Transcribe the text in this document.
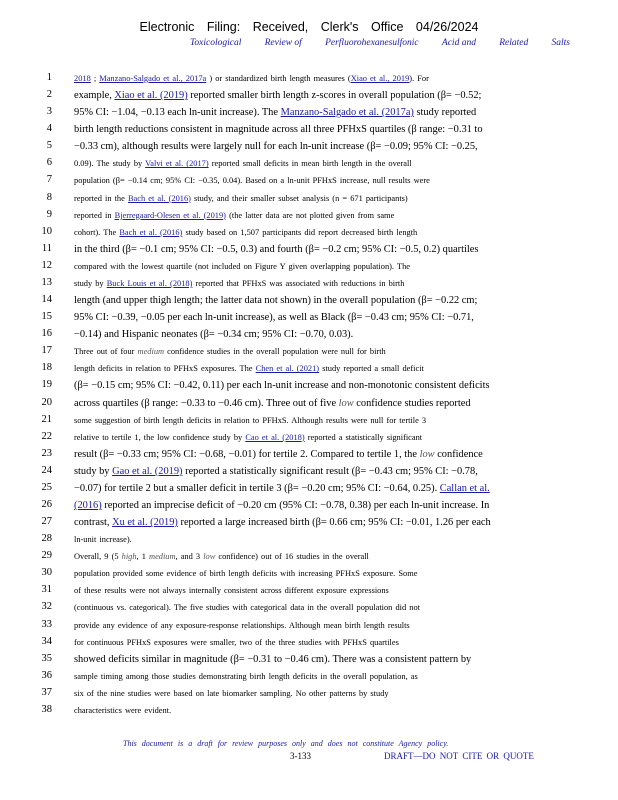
Electronic Filing: Received, Clerk's Office 04/26/2024
Toxicological Review of Perfluorohexanesulfonic Acid and Related Salts
1	2018 ; Manzano-Salgado et al., 2017a ) or standardized birth length measures (Xiao et al., 2019). For
2 example, Xiao et al. (2019) reported smaller birth length z-scores in overall population (β= −0.52;
3 95% CI: −1.04, −0.13 each ln-unit increase). The Manzano-Salgado et al. (2017a) study reported
4 birth length reductions consistent in magnitude across all three PFHxS quartiles (β range: −0.31 to
5 −0.33 cm), although results were largely null for each ln-unit increase (β= −0.09; 95% CI: −0.25,
6	0.09). The study by Valvi et al. (2017) reported small deficits in mean birth length in the overall
7	population (β= −0.14 cm; 95% CI: −0.35, 0.04). Based on a ln-unit PFHxS increase, null results were
8	reported in the Bach et al. (2016) study, and their smaller subset analysis (n = 671 participants)
9	reported in Bjerregaard-Olesen et al. (2019) (the latter data are not plotted given from same
10	cohort). The Bach et al. (2016) study based on 1,507 participants did report decreased birth length
11 in the third (β= −0.1 cm; 95% CI: −0.5, 0.3) and fourth (β= −0.2 cm; 95% CI: −0.5, 0.2) quartiles
12	compared with the lowest quartile (not included on Figure Y given overlapping population). The
13	study by Buck Louis et al. (2018) reported that PFHxS was associated with reductions in birth
14 length (and upper thigh length; the latter data not shown) in the overall population (β= −0.22 cm;
15 95% CI: −0.39, −0.05 per each ln-unit increase), as well as Black (β= −0.43 cm; 95% CI: −0.71,
16 −0.14) and Hispanic neonates (β= −0.34 cm; 95% CI: −0.70, 0.03).
17	Three out of four medium confidence studies in the overall population were null for birth
18	length deficits in relation to PFHxS exposures. The Chen et al. (2021) study reported a small deficit
19 (β= −0.15 cm; 95% CI: −0.42, 0.11) per each ln-unit increase and non-monotonic consistent deficits
20 across quartiles (β range: −0.33 to −0.46 cm). Three out of five low confidence studies reported
21	some suggestion of birth length deficits in relation to PFHxS. Although results were null for tertile 3
22	relative to tertile 1, the low confidence study by Cao et al. (2018) reported a statistically significant
23 result (β= −0.33 cm; 95% CI: −0.68, −0.01) for tertile 2. Compared to tertile 1, the low confidence
24 study by Gao et al. (2019) reported a statistically significant result (β= −0.43 cm; 95% CI: −0.78,
25 −0.07) for tertile 2 but a smaller deficit in tertile 3 (β= −0.20 cm; 95% CI: −0.64, 0.25). Callan et al.
26 (2016) reported an imprecise deficit of −0.20 cm (95% CI: −0.78, 0.38) per each ln-unit increase. In
27 contrast, Xu et al. (2019) reported a large increased birth (β= 0.66 cm; 95% CI: −0.01, 1.26 per each
28	ln-unit increase).
29	Overall, 9 (5 high, 1 medium, and 3 low confidence) out of 16 studies in the overall
30	population provided some evidence of birth length deficits with increasing PFHxS exposure. Some
31	of these results were not always internally consistent across different exposure expressions
32	(continuous vs. categorical). The five studies with categorical data in the overall population did not
33	provide any evidence of any exposure-response relationships. Although mean birth length results
34	for continuous PFHxS exposures were smaller, two of the three studies with PFHxS quartiles
35 showed deficits similar in magnitude (β= −0.31 to −0.46 cm). There was a consistent pattern by
36	sample timing among those studies demonstrating birth length deficits in the overall population, as
37	six of the nine studies were based on late biomarker sampling. No other patterns by study
38	characteristics were evident.
This document is a draft for review purposes only and does not constitute Agency policy.
3-133	DRAFT—DO NOT CITE OR QUOTE
